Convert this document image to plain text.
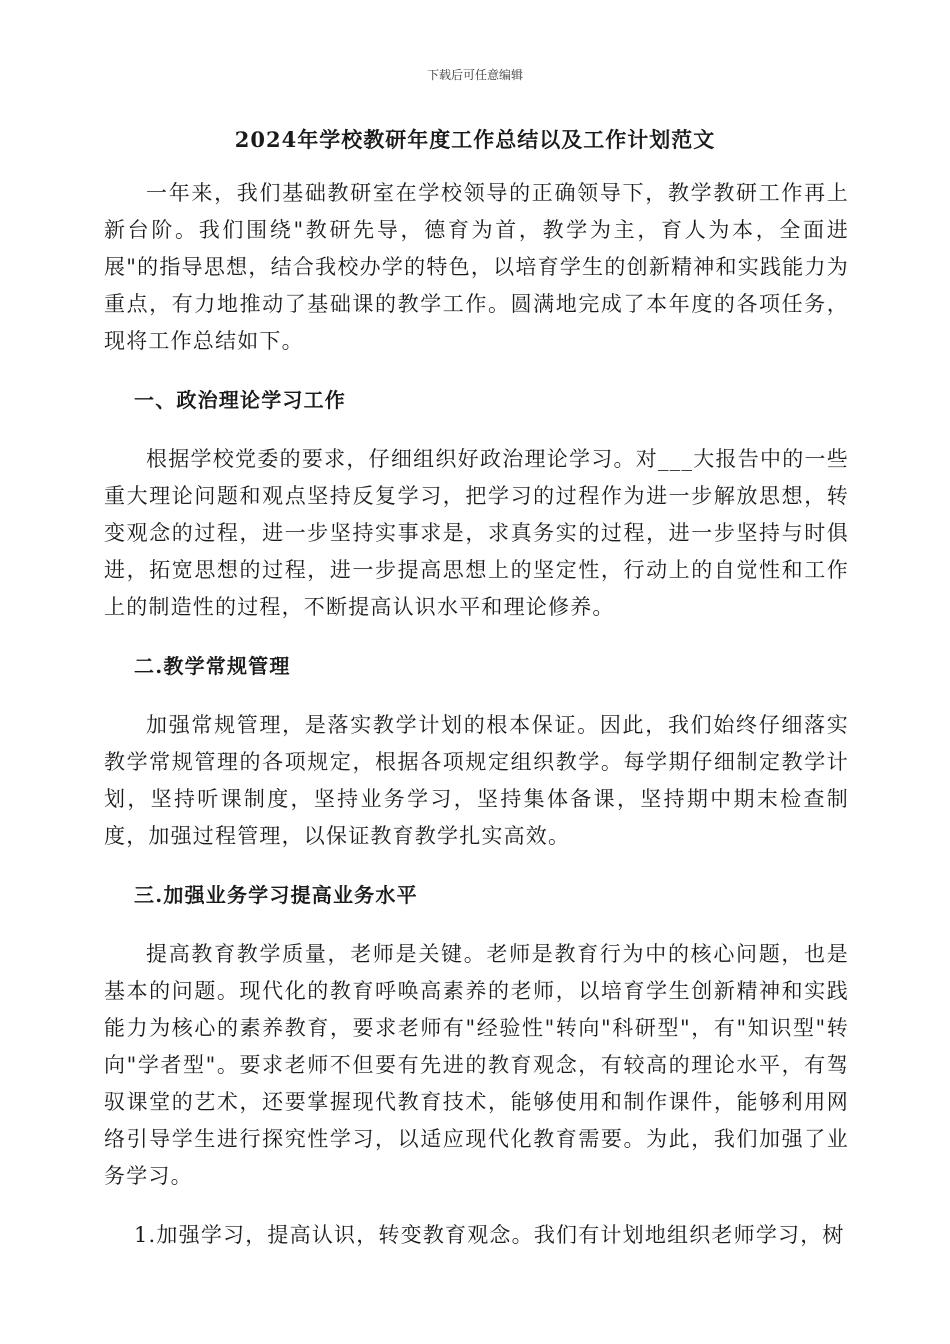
下载后可任意编辑
2024年学校教研年度工作总结以及工作计划范文

一年来，我们基础教研室在学校领导的正确领导下，教学教研工作再上新台阶。我们围绕"教研先导，德育为首，教学为主，育人为本，全面进展"的指导思想，结合我校办学的特色，以培育学生的创新精神和实践能力为重点，有力地推动了基础课的教学工作。圆满地完成了本年度的各项任务，现将工作总结如下。

一、政治理论学习工作

根据学校党委的要求，仔细组织好政治理论学习。对___大报告中的一些重大理论问题和观点坚持反复学习，把学习的过程作为进一步解放思想，转变观念的过程，进一步坚持实事求是，求真务实的过程，进一步坚持与时俱进，拓宽思想的过程，进一步提高思想上的坚定性，行动上的自觉性和工作上的制造性的过程，不断提高认识水平和理论修养。

二.教学常规管理

加强常规管理，是落实教学计划的根本保证。因此，我们始终仔细落实教学常规管理的各项规定，根据各项规定组织教学。每学期仔细制定教学计划，坚持听课制度，坚持业务学习，坚持集体备课，坚持期中期末检查制度，加强过程管理，以保证教育教学扎实高效。

三.加强业务学习提高业务水平

提高教育教学质量，老师是关键。老师是教育行为中的核心问题，也是基本的问题。现代化的教育呼唤高素养的老师，以培育学生创新精神和实践能力为核心的素养教育，要求老师有"经验性"转向"科研型"，有"知识型"转向"学者型"。要求老师不但要有先进的教育观念，有较高的理论水平，有驾驭课堂的艺术，还要掌握现代教育技术，能够使用和制作课件，能够利用网络引导学生进行探究性学习，以适应现代化教育需要。为此，我们加强了业务学习。

1.加强学习，提高认识，转变教育观念。我们有计划地组织老师学习，树
